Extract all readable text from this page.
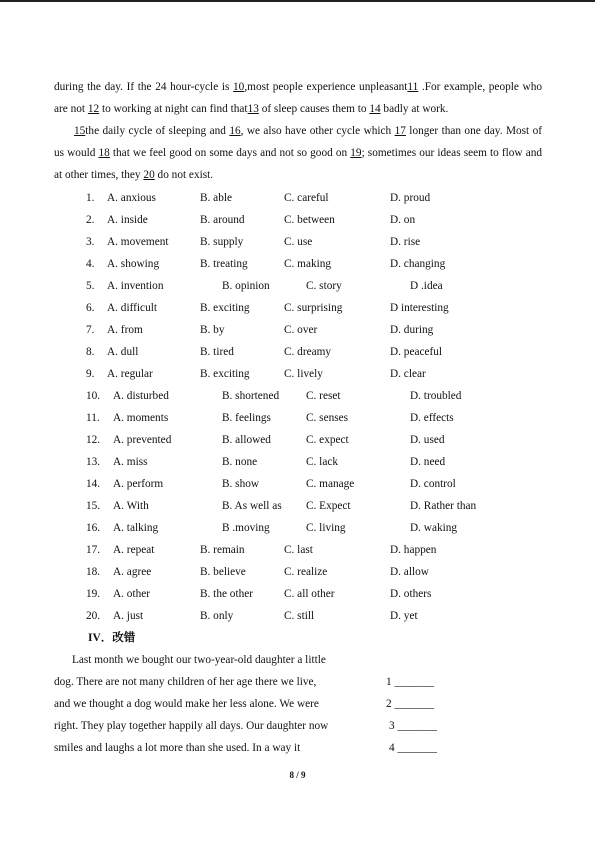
during the day. If the 24 hour-cycle is 10,most people experience unpleasant11 .For example, people who are not 12 to working at night can find that13 of sleep causes them to 14 badly at work.

15the daily cycle of sleeping and 16, we also have other cycle which 17 longer than one day. Most of us would 18 that we feel good on some days and not so good on 19; sometimes our ideas seem to flow and at other times, they 20 do not exist.

1. A. anxious	B. able	C. careful	D. proud
2. A. inside	B. around	C. between	D. on
3. A. movement	B. supply	C. use	D. rise
4. A. showing	B. treating	C. making	D. changing
5. A. invention	B. opinion	C. story	D .idea
6. A. difficult	B. exciting	C. surprising	D interesting
7. A. from	B. by	C. over	D. during
8. A. dull	B. tired	C. dreamy	D. peaceful
9. A. regular	B. exciting	C. lively	D. clear
10. A. disturbed	B. shortened C. reset	D. troubled
11. A. moments	B. feelings	C. senses	D. effects
12. A. prevented	B. allowed	C. expect	D. used
13. A. miss	B. none	C. lack	D. need
14. A. perform	B. show	C. manage	D. control
15. A. With	B. As well as C. Expect	D. Rather than
16. A. talking	B .moving	C. living	D. waking
17. A. repeat	B. remain	C. last	D. happen
18. A. agree	B. believe	C. realize	D. allow
19. A. other	B. the other	C. all other	D. others
20. A. just	B. only	C. still	D. yet
IV．改错
Last month we bought our two-year-old daughter a little
dog. There are not many children of her age there we live,	1 _______
and we thought a dog would make her less alone. We were	2 _______
right. They play together happily all days. Our daughter now	3 _______
smiles and laughs a lot more than she used. In a way it	4 _______
8 / 9
